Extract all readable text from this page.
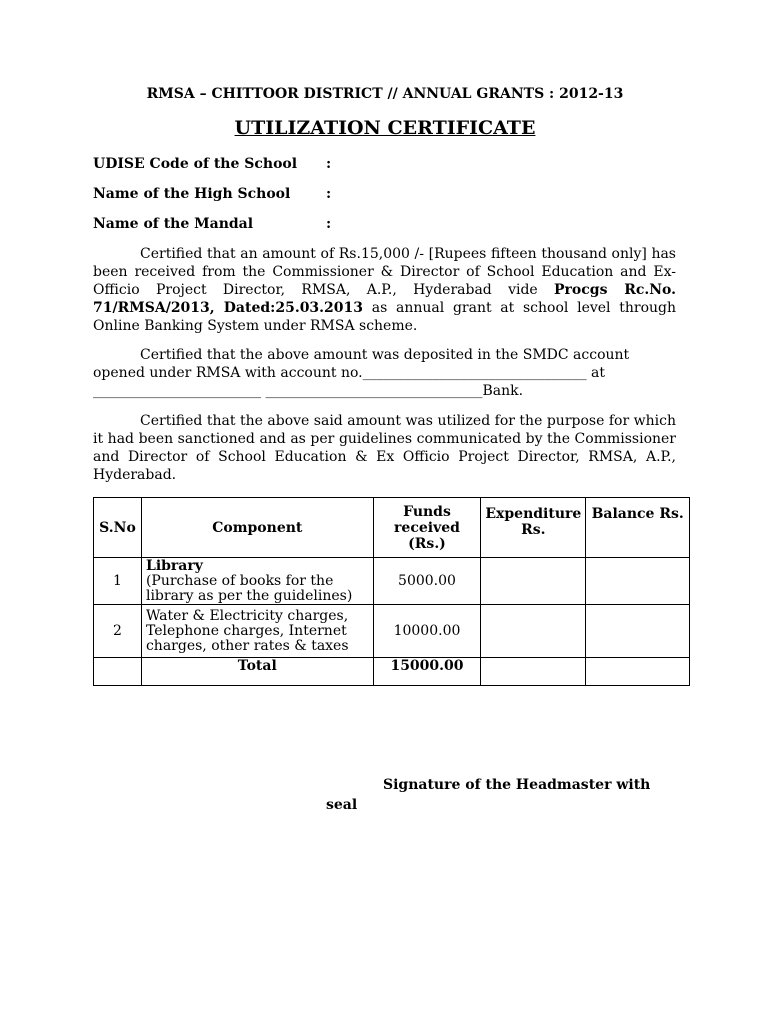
RMSA – CHITTOOR DISTRICT // ANNUAL GRANTS : 2012-13
UTILIZATION CERTIFICATE
UDISE Code of the School :
Name of the High School	:
Name of the Mandal	:
Certified that an amount of Rs.15,000 /- [Rupees fifteen thousand only] has been received from the Commissioner & Director of School Education and Ex-Officio Project Director, RMSA, A.P., Hyderabad vide Procgs Rc.No. 71/RMSA/2013, Dated:25.03.2013 as annual grant at school level through Online Banking System under RMSA scheme.
Certified that the above amount was deposited in the SMDC account
opened under RMSA with account no.________________________________ at
________________________ _______________________________Bank.
Certified that the above said amount was utilized for the purpose for which it had been sanctioned and as per guidelines communicated by the Commissioner and Director of School Education & Ex Officio Project Director, RMSA, A.P., Hyderabad.
S.No	Component	Funds received (Rs.)	Expenditure Rs.	Balance Rs.
1	Library
(Purchase of books for the library as per the guidelines)	5000.00		
2	Water & Electricity charges, Telephone charges, Internet charges, other rates & taxes	10000.00		
	Total	15000.00		
Signature of the Headmaster with
seal
